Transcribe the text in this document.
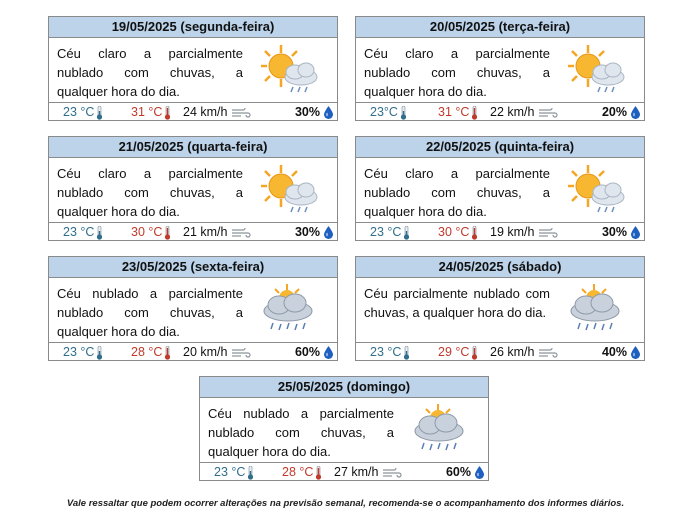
19/05/2025 (segunda-feira)
Céu claro a parcialmente nublado com chuvas, a qualquer hora do dia.
23 °C	31 °C	24 km/h	30%
20/05/2025 (terça-feira)
Céu claro a parcialmente nublado com chuvas, a qualquer hora do dia.
23°C	31 °C	22 km/h	20%
21/05/2025 (quarta-feira)
Céu claro a parcialmente nublado com chuvas, a qualquer hora do dia.
23 °C	30 °C	21 km/h	30%
22/05/2025 (quinta-feira)
Céu claro a parcialmente nublado com chuvas, a qualquer hora do dia.
23 °C	30 °C	19 km/h	30%
23/05/2025 (sexta-feira)
Céu nublado a parcialmente nublado com chuvas, a qualquer hora do dia.
23 °C	28 °C	20 km/h	60%
24/05/2025 (sábado)
Céu parcialmente nublado com chuvas, a qualquer hora do dia.
23 °C	29 °C	26 km/h	40%
25/05/2025 (domingo)
Céu nublado a parcialmente nublado com chuvas, a qualquer hora do dia.
23 °C	28 °C	27 km/h	60%
Vale ressaltar que podem ocorrer alterações na previsão semanal, recomenda-se o acompanhamento dos informes diários.
